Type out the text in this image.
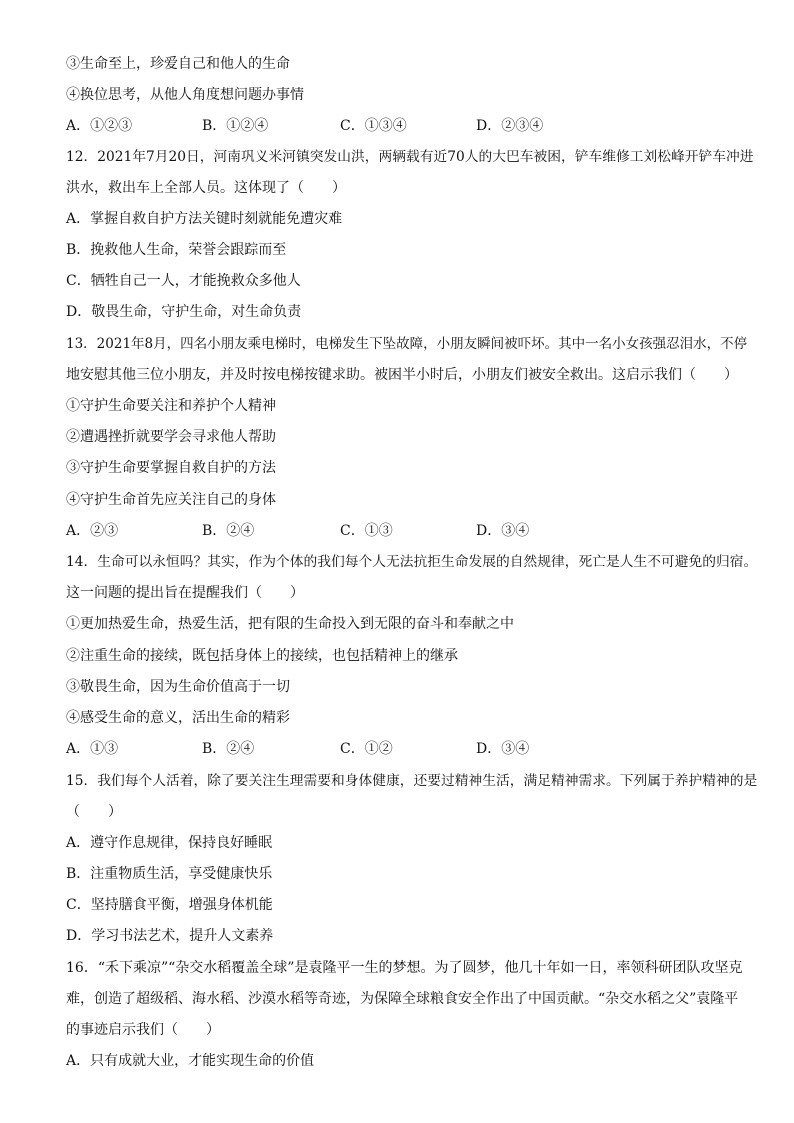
③生命至上，珍爱自己和他人的生命
④换位思考，从他人角度想问题办事情
A．①②③	B．①②④	C．①③④	D．②③④
12．2021年7月20日，河南巩义米河镇突发山洪，两辆载有近70人的大巴车被困，铲车维修工刘松峰开铲车冲进
洪水，救出车上全部人员。这体现了（　　）
A．掌握自救自护方法关键时刻就能免遭灾难
B．挽救他人生命，荣誉会跟踪而至
C．牺牲自己一人，才能挽救众多他人
D．敬畏生命，守护生命，对生命负责
13．2021年8月，四名小朋友乘电梯时，电梯发生下坠故障，小朋友瞬间被吓坏。其中一名小女孩强忍泪水，不停
地安慰其他三位小朋友，并及时按电梯按键求助。被困半小时后，小朋友们被安全救出。这启示我们（　　）
①守护生命要关注和养护个人精神
②遭遇挫折就要学会寻求他人帮助
③守护生命要掌握自救自护的方法
④守护生命首先应关注自己的身体
A．②③	B．②④	C．①③	D．③④
14．生命可以永恒吗？其实，作为个体的我们每个人无法抗拒生命发展的自然规律，死亡是人生不可避免的归宿。
这一问题的提出旨在提醒我们（　　）
①更加热爱生命，热爱生活，把有限的生命投入到无限的奋斗和奉献之中
②注重生命的接续，既包括身体上的接续，也包括精神上的继承
③敬畏生命，因为生命价值高于一切
④感受生命的意义，活出生命的精彩
A．①③	B．②④	C．①②	D．③④
15．我们每个人活着，除了要关注生理需要和身体健康，还要过精神生活，满足精神需求。下列属于养护精神的是
（　　）
A．遵守作息规律，保持良好睡眠
B．注重物质生活，享受健康快乐
C．坚持膳食平衡，增强身体机能
D．学习书法艺术，提升人文素养
16．“禾下乘凉”“杂交水稻覆盖全球”是袁隆平一生的梦想。为了圆梦，他几十年如一日，率领科研团队攻坚克
难，创造了超级稻、海水稻、沙漠水稻等奇迹，为保障全球粮食安全作出了中国贡献。“杂交水稻之父”袁隆平
的事迹启示我们（　　）
A．只有成就大业，才能实现生命的价值
